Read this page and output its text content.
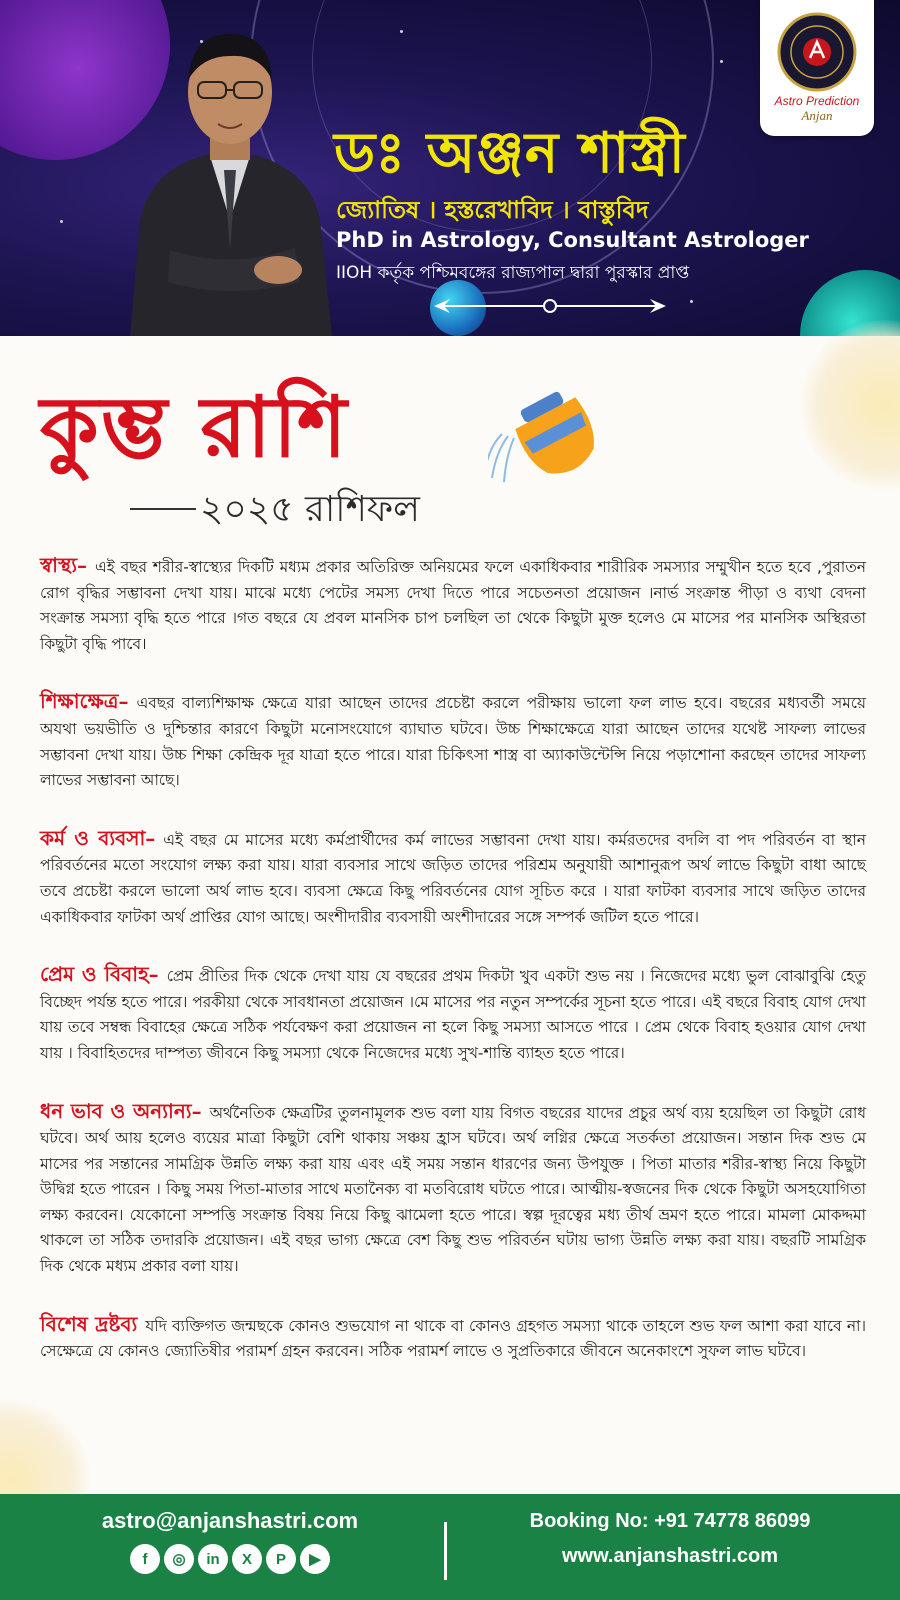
ডঃ অঞ্জন শাস্ত্রী
জ্যোতিষ । হস্তরেখাবিদ । বাস্তুবিদ
PhD in Astrology, Consultant Astrologer
IIOH কর্তৃক পশ্চিমবঙ্গের রাজ্যপাল দ্বারা পুরস্কার প্রাপ্ত
Astro Prediction
Anjan
কুম্ভ রাশি
২০২৫ রাশিফল
স্বাস্থ্য– এই বছর শরীর-স্বাস্থ্যের দিকটি মধ্যম প্রকার অতিরিক্ত অনিয়মের ফলে একাধিকবার শারীরিক সমস্যার সম্মুখীন হতে হবে ,পুরাতন রোগ বৃদ্ধির সম্ভাবনা দেখা যায়। মাঝে মধ্যে পেটের সমস্য দেখা দিতে পারে সচেতনতা প্রয়োজন ।নার্ভ সংক্রান্ত পীড়া ও ব্যথা বেদনা সংক্রান্ত সমস্যা বৃদ্ধি হতে পারে ।গত বছরে যে প্রবল মানসিক চাপ চলছিল তা থেকে কিছুটা মুক্ত হলেও মে মাসের পর মানসিক অস্থিরতা কিছুটা বৃদ্ধি পাবে।
শিক্ষাক্ষেত্র– এবছর বাল্যশিক্ষাক্ষ ক্ষেত্রে যারা আছেন তাদের প্রচেষ্টা করলে পরীক্ষায় ভালো ফল লাভ হবে। বছরের মধ্যবর্তী সময়ে অযথা ভয়ভীতি ও দুশ্চিন্তার কারণে কিছুটা মনোসংযোগে ব্যাঘাত ঘটবে। উচ্চ শিক্ষাক্ষেত্রে যারা আছেন তাদের যথেষ্ট সাফল্য লাভের সম্ভাবনা দেখা যায়। উচ্চ শিক্ষা কেন্দ্রিক দূর যাত্রা হতে পারে। যারা চিকিৎসা শাস্ত্র বা অ্যাকাউন্টেন্সি নিয়ে পড়াশোনা করছেন তাদের সাফল্য লাভের সম্ভাবনা আছে।
কর্ম ও ব্যবসা– এই বছর মে মাসের মধ্যে কর্মপ্রার্থীদের কর্ম লাভের সম্ভাবনা দেখা যায়। কর্মরতদের বদলি বা পদ পরিবর্তন বা স্থান পরিবর্তনের মতো সংযোগ লক্ষ্য করা যায়। যারা ব্যবসার সাথে জড়িত তাদের পরিশ্রম অনুযায়ী আশানুরূপ অর্থ লাভে কিছুটা বাধা আছে তবে প্রচেষ্টা করলে ভালো অর্থ লাভ হবে। ব্যবসা ক্ষেত্রে কিছু পরিবর্তনের যোগ সূচিত করে । যারা ফাটকা ব্যবসার সাথে জড়িত তাদের একাধিকবার ফাটকা অর্থ প্রাপ্তির যোগ আছে। অংশীদারীর ব্যবসায়ী অংশীদারের সঙ্গে সম্পর্ক জটিল হতে পারে।
প্রেম ও বিবাহ– প্রেম প্রীতির দিক থেকে দেখা যায় যে বছরের প্রথম দিকটা খুব একটা শুভ নয় । নিজেদের মধ্যে ভুল বোঝাবুঝি হেতু বিচ্ছেদ পর্যন্ত হতে পারে। পরকীয়া থেকে সাবধানতা প্রয়োজন ।মে মাসের পর নতুন সম্পর্কের সূচনা হতে পারে। এই বছরে বিবাহ যোগ দেখা যায় তবে সম্বন্ধ বিবাহের ক্ষেত্রে সঠিক পর্যবেক্ষণ করা প্রয়োজন না হলে কিছু সমস্যা আসতে পারে । প্রেম থেকে বিবাহ হওয়ার যোগ দেখা যায় । বিবাহিতদের দাম্পত্য জীবনে কিছু সমস্যা থেকে নিজেদের মধ্যে সুখ-শান্তি ব্যাহত হতে পারে।
ধন ভাব ও অন্যান্য– অর্থনৈতিক ক্ষেত্রটির তুলনামূলক শুভ বলা যায় বিগত বছরের যাদের প্রচুর অর্থ ব্যয় হয়েছিল তা কিছুটা রোধ ঘটবে। অর্থ আয় হলেও ব্যয়ের মাত্রা কিছুটা বেশি থাকায় সঞ্চয় হ্রাস ঘটবে। অর্থ লগ্নির ক্ষেত্রে সতর্কতা প্রয়োজন। সন্তান দিক শুভ মে মাসের পর সন্তানের সামগ্রিক উন্নতি লক্ষ্য করা যায় এবং এই সময় সন্তান ধারণের জন্য উপযুক্ত । পিতা মাতার শরীর-স্বাস্থ্য নিয়ে কিছুটা উদ্বিগ্ন হতে পারেন । কিছু সময় পিতা-মাতার সাথে মতানৈক্য বা মতবিরোধ ঘটতে পারে। আত্মীয়-স্বজনের দিক থেকে কিছুটা অসহযোগিতা লক্ষ্য করবেন। যেকোনো সম্পত্তি সংক্রান্ত বিষয় নিয়ে কিছু ঝামেলা হতে পারে। স্বল্প দূরত্বের মধ্য তীর্থ ভ্রমণ হতে পারে। মামলা মোকদ্দমা থাকলে তা সঠিক তদারকি প্রয়োজন। এই বছর ভাগ্য ক্ষেত্রে বেশ কিছু শুভ পরিবর্তন ঘটায় ভাগ্য উন্নতি লক্ষ্য করা যায়। বছরটি সামগ্রিক দিক থেকে মধ্যম প্রকার বলা যায়।
বিশেষ দ্রষ্টব্য যদি ব্যক্তিগত জন্মছকে কোনও শুভযোগ না থাকে বা কোনও গ্রহগত সমস্যা থাকে তাহলে শুভ ফল আশা করা যাবে না। সেক্ষেত্রে যে কোনও জ্যোতিষীর পরামর্শ গ্রহন করবেন। সঠিক পরামর্শ লাভে ও সুপ্রতিকারে জীবনে অনেকাংশে সুফল লাভ ঘটবে।
astro@anjanshastri.com
f	◎	in	X	P	▶
Booking No: +91 74778 86099
www.anjanshastri.com
